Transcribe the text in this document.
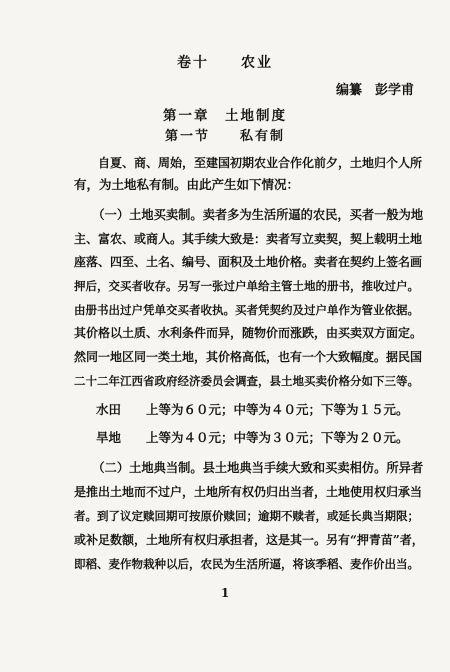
卷十　　农业
编纂　彭学甫
第一章　土地制度
第一节　　私有制
　　自夏、商、周始，至建国初期农业合作化前夕，土地归个人所
有，为土地私有制。由此产生如下情况：
　　（一）土地买卖制。卖者多为生活所逼的农民，买者一般为地
主、富农、或商人。其手续大致是：卖者写立卖契，契上载明土地
座落、四至、土名、编号、面积及土地价格。卖者在契约上签名画
押后，交买者收存。另写一张过户单给主管土地的册书，推收过户。
由册书出过户凭单交买者收执。买者凭契约及过户单作为管业依据。
其价格以土质、水利条件而异，随物价而涨跌，由买卖双方面定。
然同一地区同一类土地，其价格高低，也有一个大致幅度。据民国
二十二年江西省政府经济委员会调查，县土地买卖价格分如下三等。
水田　　上等为６０元；中等为４０元；下等为１５元。
旱地　　上等为４０元；中等为３０元；下等为２０元。
　　（二）土地典当制。县土地典当手续大致和买卖相仿。所异者
是推出土地而不过户，土地所有权仍归出当者，土地使用权归承当
者。到了议定赎回期可按原价赎回；逾期不赎者，或延长典当期限；
或补足数额，土地所有权归承担者，这是其一。另有“押青苗”者，
即稻、麦作物栽种以后，农民为生活所逼，将该季稻、麦作价出当。
1
